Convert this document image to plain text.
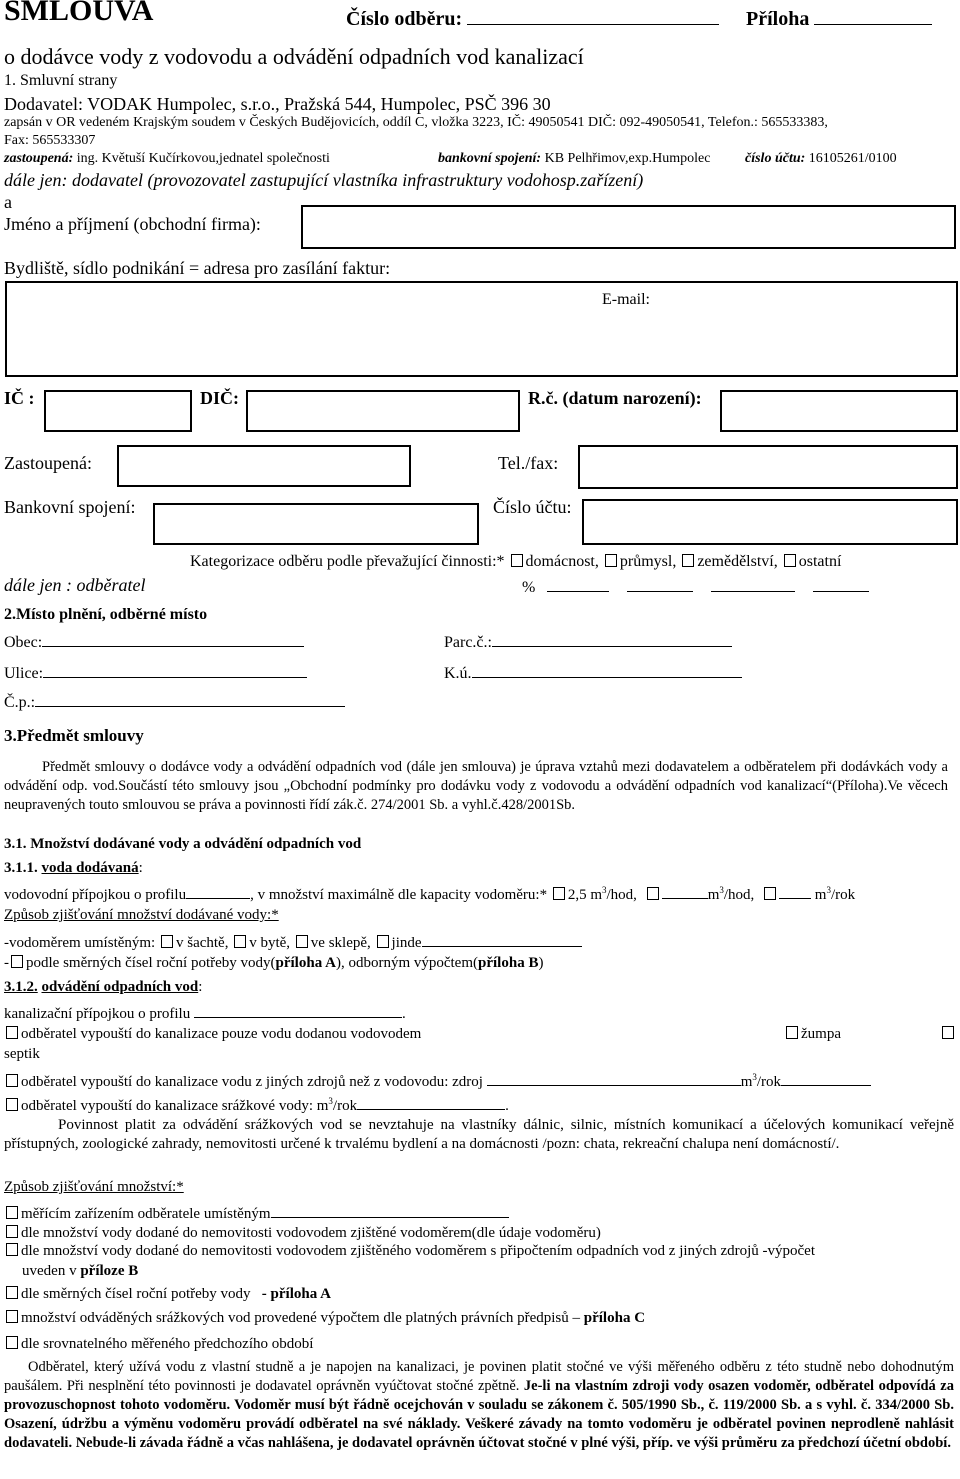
SMLOUVA	Číslo odběru:	Příloha
o dodávce vody z vodovodu a odvádění odpadních vod kanalizací
1. Smluvní strany
Dodavatel: VODAK Humpolec, s.r.o., Pražská 544, Humpolec, PSČ 396 30
zapsán v OR vedeném Krajským soudem v Českých Budějovicích, oddíl C, vložka 3223, IČ: 49050541 DIČ: 092-49050541, Telefon.: 565533383,
Fax: 565533307
zastoupená: ing. Květuší Kučírkovou,jednatel společnosti	bankovní spojení: KB Pelhřimov,exp.Humpolec číslo účtu: 16105261/0100
dále jen: dodavatel (provozovatel zastupující vlastníka infrastruktury vodohosp.zařízení)
a
Jméno a příjmení (obchodní firma):
Bydliště, sídlo podnikání = adresa pro zasílání faktur:
E-mail:
IČ :	DIČ:	R.č. (datum narození):
Zastoupená:	Tel./fax:
Bankovní spojení:	Číslo účtu:
Kategorizace odběru podle převažující činnosti:* domácnost, průmysl, zemědělství, ostatní
dále jen : odběratel	%
2.Místo plnění, odběrné místo
Obec:	Parc.č.:
Ulice:	K.ú.
Č.p.:
3.Předmět smlouvy
Předmět smlouvy o dodávce vody a odvádění odpadních vod (dále jen smlouva) je úprava vztahů mezi dodavatelem a odběratelem při dodávkách vody a odvádění odp. vod.Součástí této smlouvy jsou „Obchodní podmínky pro dodávku vody z vodovodu a odvádění odpadních vod kanalizací“(Příloha).Ve věcech neupravených touto smlouvou se práva a povinnosti řídí zák.č. 274/2001 Sb. a vyhl.č.428/2001Sb.
3.1. Množství dodávané vody a odvádění odpadních vod
3.1.1. voda dodávaná:
vodovodní přípojkou o profilu	, v množství maximálně dle kapacity vodoměru:* 2,5 $m^3$/hod,	$m^3$/hod,	$m^3$/rok
Způsob zjišťování množství dodávané vody:*
-vodoměrem umístěným: v šachtě, v bytě, ve sklepě, jinde
- podle směrných čísel roční potřeby vody(příloha A), odborným výpočtem(příloha B)
3.1.2. odvádění odpadních vod:
kanalizační přípojkou o profilu	.
odběratel vypouští do kanalizace pouze vodu dodanou vodovodem	žumpa
septik
odběratel vypouští do kanalizace vodu z jiných zdrojů než z vodovodu: zdroj	$m^3$/rok
odběratel vypouští do kanalizace srážkové vody: $m^3$/rok	.
Povinnost platit za odvádění srážkových vod se nevztahuje na vlastníky dálnic, silnic, místních komunikací a účelových komunikací veřejně přístupných, zoologické zahrady, nemovitosti určené k trvalému bydlení a na domácnosti /pozn: chata, rekreační chalupa není domácností/.
Způsob zjišťování množství:*
měřícím zařízením odběratele umístěným
dle množství vody dodané do nemovitosti vodovodem zjištěné vodoměrem(dle údaje vodoměru)
dle množství vody dodané do nemovitosti vodovodem zjištěného vodoměrem s připočtením odpadních vod z jiných zdrojů -výpočet
uveden v příloze B
dle směrných čísel roční potřeby vody - příloha A
množství odváděných srážkových vod provedené výpočtem dle platných právních předpisů – příloha C
dle srovnatelného měřeného předchozího období
Odběratel, který užívá vodu z vlastní studně a je napojen na kanalizaci, je povinen platit stočné ve výši měřeného odběru z této studně nebo dohodnutým paušálem. Při nesplnění této povinnosti je dodavatel oprávněn vyúčtovat stočné zpětně. Je-li na vlastním zdroji vody osazen vodoměr, odběratel odpovídá za provozuschopnost tohoto vodoměru. Vodoměr musí být řádně ocejchován v souladu se zákonem č. 505/1990 Sb., č. 119/2000 Sb. a s vyhl. č. 334/2000 Sb. Osazení, údržbu a výměnu vodoměru provádí odběratel na své náklady. Veškeré závady na tomto vodoměru je odběratel povinen neprodleně nahlásit dodavateli. Nebude-li závada řádně a včas nahlášena, je dodavatel oprávněn účtovat stočné v plné výši, příp. ve výši průměru za předchozí účetní období.
